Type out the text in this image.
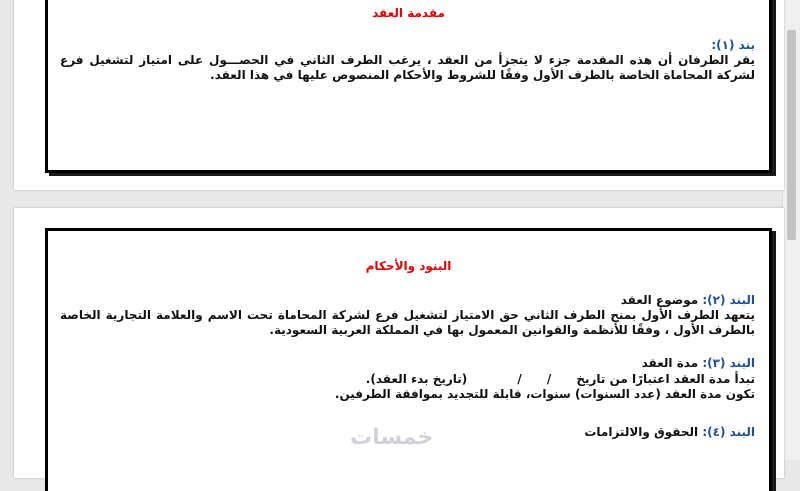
مقدمة العقد
بند (١):
يقر الطرفان أن هذه المقدمة جزء لا يتجزأ من العقد ، يرغب الطرف الثاني في الحصـــول على امتياز لتشغيل فرع لشركة المحاماة الخاصة بالطرف الأول وفقًا للشروط والأحكام المنصوص عليها في هذا العقد.
البنود والأحكام
البند (٢): موضوع العقد
يتعهد الطرف الأول بمنح الطرف الثاني حق الامتياز لتشغيل فرع لشركة المحاماة تحت الاسم والعلامة التجارية الخاصة بالطرف الأول ، وفقًا للأنظمة والقوانين المعمول بها في المملكة العربية السعودية.
البند (٣): مدة العقد
تبدأ مدة العقد اعتبارًا من تاريخ      /      /            (تاريخ بدء العقد).
تكون مدة العقد (عدد السنوات) سنوات، قابلة للتجديد بموافقة الطرفين.
البند (٤): الحقوق والالتزامات
خمسات
